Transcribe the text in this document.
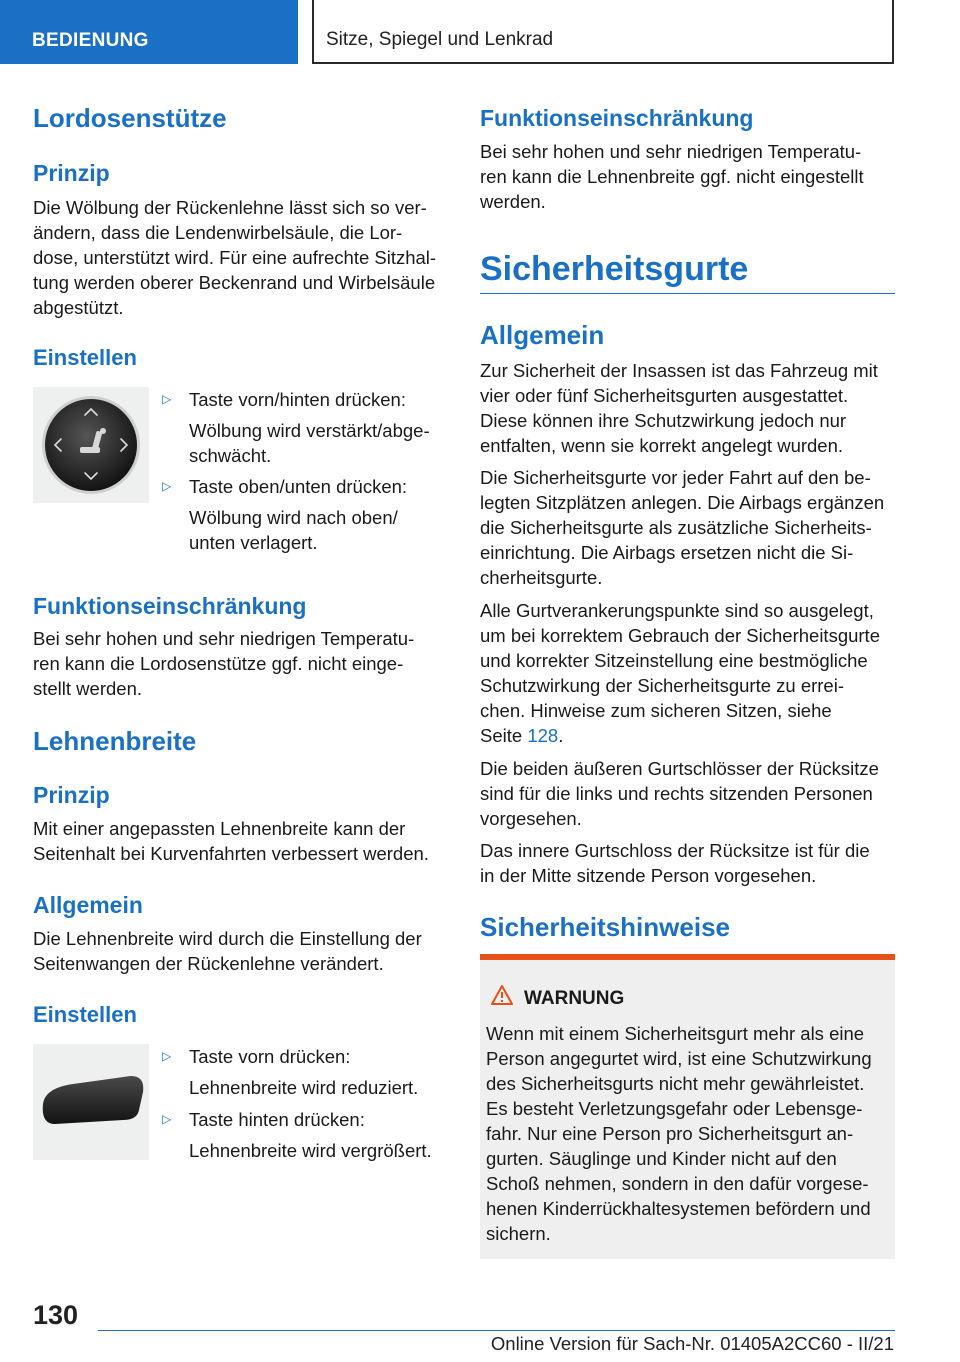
BEDIENUNG	Sitze, Spiegel und Lenkrad
Lordosenstütze
Prinzip
Die Wölbung der Rückenlehne lässt sich so ver-
ändern, dass die Lendenwirbelsäule, die Lor-
dose, unterstützt wird. Für eine aufrechte Sitzhal-
tung werden oberer Beckenrand und Wirbelsäule
abgestützt.
Einstellen
▷ Taste vorn/hinten drücken:
Wölbung wird verstärkt/abge-
schwächt.
▷ Taste oben/unten drücken:
Wölbung wird nach oben/
unten verlagert.
Funktionseinschränkung
Bei sehr hohen und sehr niedrigen Temperatu-
ren kann die Lordosenstütze ggf. nicht einge-
stellt werden.
Lehnenbreite
Prinzip
Mit einer angepassten Lehnenbreite kann der
Seitenhalt bei Kurvenfahrten verbessert werden.
Allgemein
Die Lehnenbreite wird durch die Einstellung der
Seitenwangen der Rückenlehne verändert.
Einstellen
▷ Taste vorn drücken:
Lehnenbreite wird reduziert.
▷ Taste hinten drücken:
Lehnenbreite wird vergrößert.
Funktionseinschränkung
Bei sehr hohen und sehr niedrigen Temperatu-
ren kann die Lehnenbreite ggf. nicht eingestellt
werden.
Sicherheitsgurte
Allgemein
Zur Sicherheit der Insassen ist das Fahrzeug mit
vier oder fünf Sicherheitsgurten ausgestattet.
Diese können ihre Schutzwirkung jedoch nur
entfalten, wenn sie korrekt angelegt wurden.
Die Sicherheitsgurte vor jeder Fahrt auf den be-
legten Sitzplätzen anlegen. Die Airbags ergänzen
die Sicherheitsgurte als zusätzliche Sicherheits-
einrichtung. Die Airbags ersetzen nicht die Si-
cherheitsgurte.
Alle Gurtverankerungspunkte sind so ausgelegt,
um bei korrektem Gebrauch der Sicherheitsgurte
und korrekter Sitzeinstellung eine bestmögliche
Schutzwirkung der Sicherheitsgurte zu errei-
chen. Hinweise zum sicheren Sitzen, siehe
Seite 128.
Die beiden äußeren Gurtschlösser der Rücksitze
sind für die links und rechts sitzenden Personen
vorgesehen.
Das innere Gurtschloss der Rücksitze ist für die
in der Mitte sitzende Person vorgesehen.
Sicherheitshinweise
WARNUNG
Wenn mit einem Sicherheitsgurt mehr als eine
Person angegurtet wird, ist eine Schutzwirkung
des Sicherheitsgurts nicht mehr gewährleistet.
Es besteht Verletzungsgefahr oder Lebensge-
fahr. Nur eine Person pro Sicherheitsgurt an-
gurten. Säuglinge und Kinder nicht auf den
Schoß nehmen, sondern in den dafür vorgese-
henen Kinderrückhaltesystemen befördern und
sichern.
130
Online Version für Sach-Nr. 01405A2CC60 - II/21
